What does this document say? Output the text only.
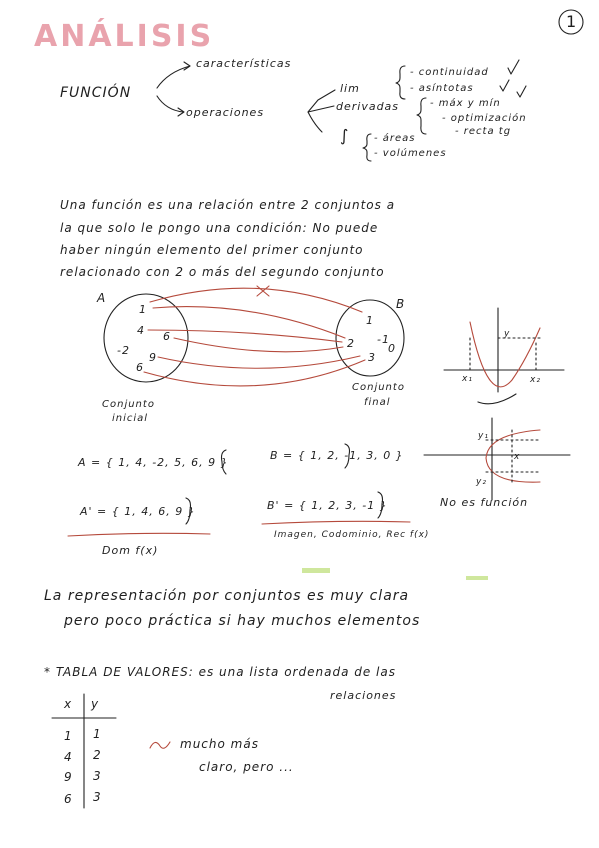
ANÁLISIS	1
FUNCIÓN
características
operaciones
lim
- continuidad
- asíntotas
derivadas	- máx y mín
- optimización
- recta tg
∫ - áreas
- volúmenes
Una función es una relación entre 2 conjuntos a
la que solo le pongo una condición: No puede
haber ningún elemento del primer conjunto
relacionado con 2 o más del segundo conjunto
A	B
1
4 6
-2
9
6
1
-1
2
3
0
Conjunto
inicial
Conjunto
final
A = { 1, 4, -2, 5, 6, 9 }
B = { 1, 2, -1, 3, 0 }
A' = { 1, 4, 6, 9 }	B' = { 1, 2, 3, -1 }
Dom f(x)
Imagen, Codominio, Rec f(x)
y
x₁	x₂
y₁
y₂
x
No es función
La representación por conjuntos es muy clara
pero poco práctica si hay muchos elementos
* TABLA DE VALORES: es una lista ordenada de las
relaciones
x y
1 1
4 2
9 3
6 3
mucho más
claro, pero ...
